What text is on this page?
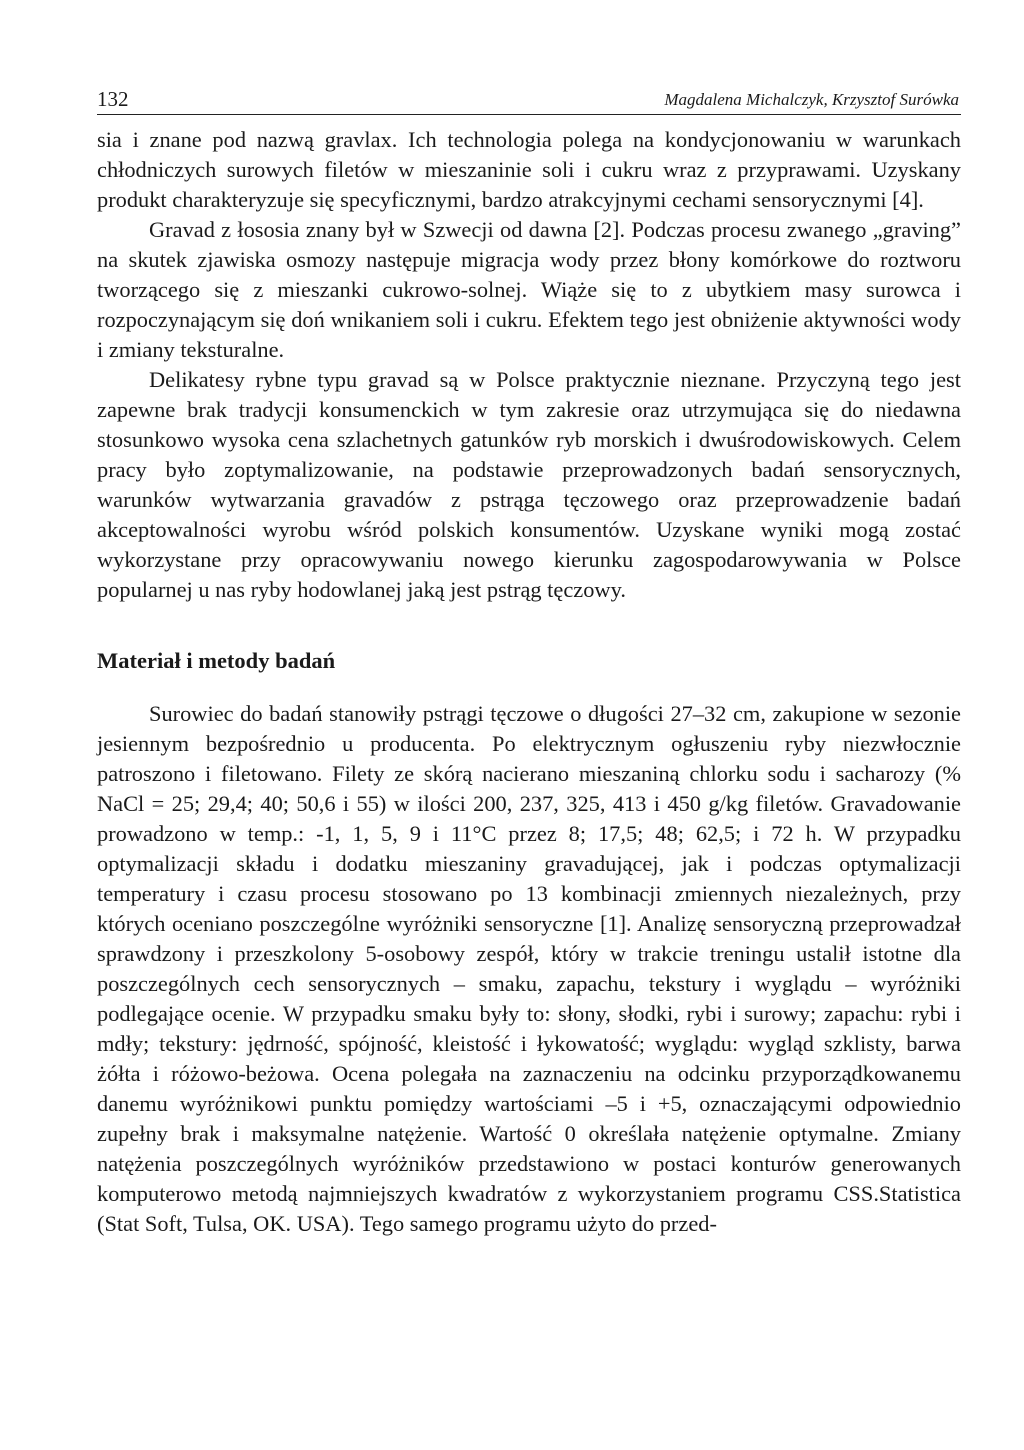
132	Magdalena Michalczyk, Krzysztof Surówka

sia i znane pod nazwą gravlax. Ich technologia polega na kondycjonowaniu w warunkach chłodniczych surowych filetów w mieszaninie soli i cukru wraz z przyprawami. Uzyskany produkt charakteryzuje się specyficznymi, bardzo atrakcyjnymi cechami sensorycznymi [4].

Gravad z łososia znany był w Szwecji od dawna [2]. Podczas procesu zwanego „graving” na skutek zjawiska osmozy następuje migracja wody przez błony komórkowe do roztworu tworzącego się z mieszanki cukrowo-solnej. Wiąże się to z ubytkiem masy surowca i rozpoczynającym się doń wnikaniem soli i cukru. Efektem tego jest obniżenie aktywności wody i zmiany teksturalne.

Delikatesy rybne typu gravad są w Polsce praktycznie nieznane. Przyczyną tego jest zapewne brak tradycji konsumenckich w tym zakresie oraz utrzymująca się do niedawna stosunkowo wysoka cena szlachetnych gatunków ryb morskich i dwuśrodowiskowych. Celem pracy było zoptymalizowanie, na podstawie przeprowadzonych badań sensorycznych, warunków wytwarzania gravadów z pstrąga tęczowego oraz przeprowadzenie badań akceptowalności wyrobu wśród polskich konsumentów. Uzyskane wyniki mogą zostać wykorzystane przy opracowywaniu nowego kierunku zagospodarowywania w Polsce popularnej u nas ryby hodowlanej jaką jest pstrąg tęczowy.

Materiał i metody badań

Surowiec do badań stanowiły pstrągi tęczowe o długości 27–32 cm, zakupione w sezonie jesiennym bezpośrednio u producenta. Po elektrycznym ogłuszeniu ryby niezwłocznie patroszono i filetowano. Filety ze skórą nacierano mieszaniną chlorku sodu i sacharozy (% NaCl = 25; 29,4; 40; 50,6 i 55) w ilości 200, 237, 325, 413 i 450 g/kg filetów. Gravadowanie prowadzono w temp.: -1, 1, 5, 9 i 11°C przez 8; 17,5; 48; 62,5; i 72 h. W przypadku optymalizacji składu i dodatku mieszaniny gravadującej, jak i podczas optymalizacji temperatury i czasu procesu stosowano po 13 kombinacji zmiennych niezależnych, przy których oceniano poszczególne wyróżniki sensoryczne [1]. Analizę sensoryczną przeprowadzał sprawdzony i przeszkolony 5-osobowy zespół, który w trakcie treningu ustalił istotne dla poszczególnych cech sensorycznych – smaku, zapachu, tekstury i wyglądu – wyróżniki podlegające ocenie. W przypadku smaku były to: słony, słodki, rybi i surowy; zapachu: rybi i mdły; tekstury: jędrność, spójność, kleistość i łykowatość; wyglądu: wygląd szklisty, barwa żółta i różowo-beżowa. Ocena polegała na zaznaczeniu na odcinku przyporządkowanemu danemu wyróżnikowi punktu pomiędzy wartościami –5 i +5, oznaczającymi odpowiednio zupełny brak i maksymalne natężenie. Wartość 0 określała natężenie optymalne. Zmiany natężenia poszczególnych wyróżników przedstawiono w postaci konturów generowanych komputerowo metodą najmniejszych kwadratów z wykorzystaniem programu CSS.Statistica (Stat Soft, Tulsa, OK. USA). Tego samego programu użyto do przed-
